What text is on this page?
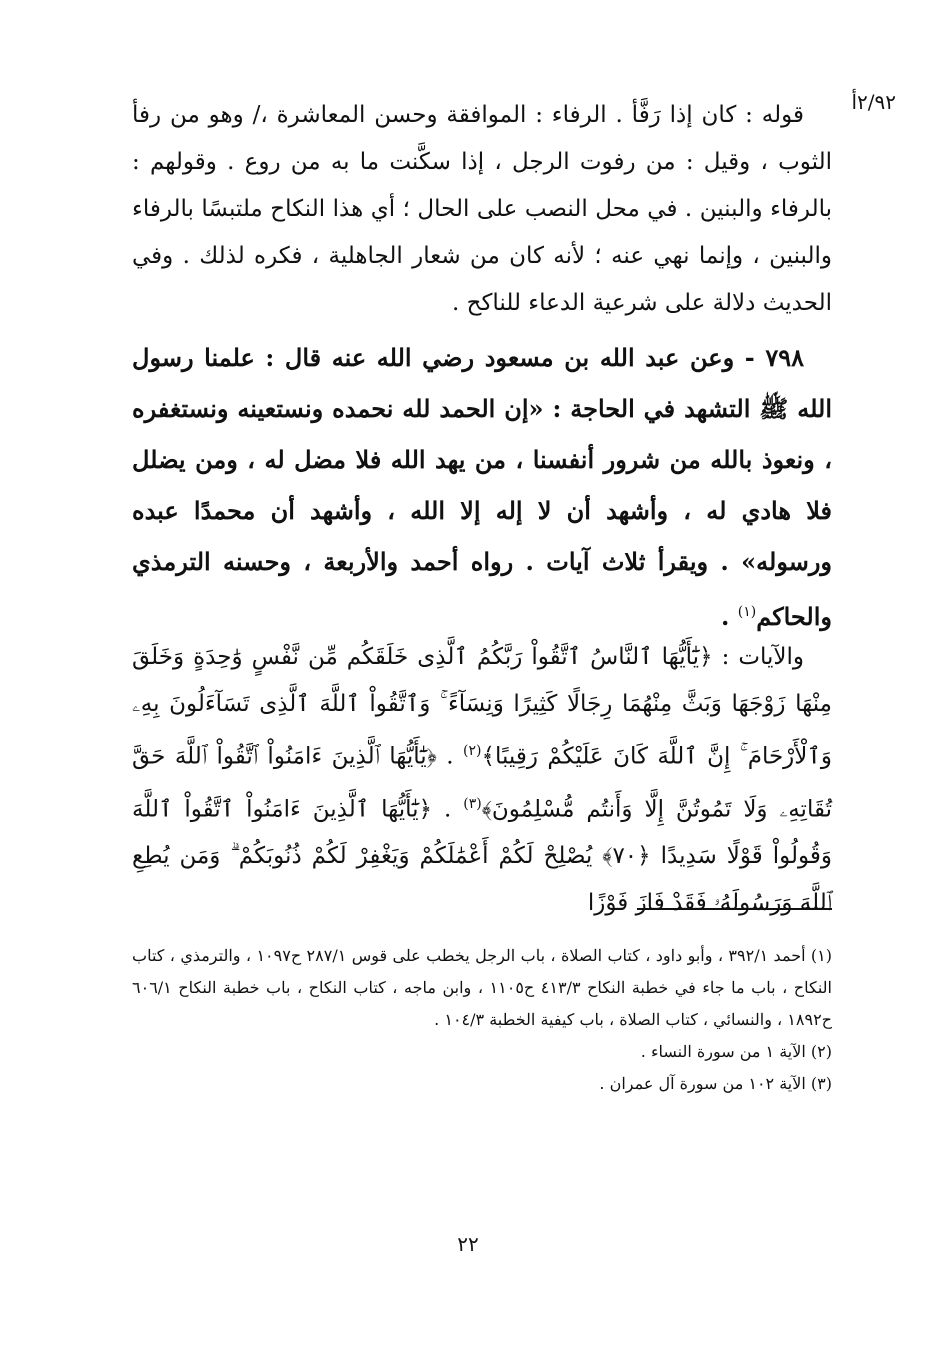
٢/٩٢أ

قوله : كان إذا رَفَّأ . الرفاء : الموافقة وحسن المعاشرة ،/ وهو من رفأ الثوب ، وقيل : من رفوت الرجل ، إذا سكَّنت ما به من روع . وقولهم : بالرفاء والبنين . في محل النصب على الحال ؛ أي هذا النكاح ملتبسًا بالرفاء والبنين ، وإنما نهي عنه ؛ لأنه كان من شعار الجاهلية ، فكره لذلك . وفي الحديث دلالة على شرعية الدعاء للناكح .

٧٩٨ - وعن عبد الله بن مسعود رضي الله عنه قال : علمنا رسول الله ﷺ التشهد في الحاجة : «إن الحمد لله نحمده ونستعينه ونستغفره ، ونعوذ بالله من شرور أنفسنا ، من يهد الله فلا مضل له ، ومن يضلل فلا هادي له ، وأشهد أن لا إله إلا الله ، وأشهد أن محمدًا عبده ورسوله» . ويقرأ ثلاث آيات . رواه أحمد والأربعة ، وحسنه الترمذي والحاكم$^{(١)}$ .

والآيات : ﴿يَٰٓأَيُّهَا ٱلنَّاسُ ٱتَّقُواْ رَبَّكُمُ ٱلَّذِى خَلَقَكُم مِّن نَّفْسٍ وَٰحِدَةٍ وَخَلَقَ مِنْهَا زَوْجَهَا وَبَثَّ مِنْهُمَا رِجَالًا كَثِيرًا وَنِسَآءً ۚ وَٱتَّقُواْ ٱللَّهَ ٱلَّذِى تَسَآءَلُونَ بِهِۦ وَٱلْأَرْحَامَ ۚ إِنَّ ٱللَّهَ كَانَ عَلَيْكُمْ رَقِيبًا﴾$^{(٢)}$ . ﴿يَٰٓأَيُّهَا ٱلَّذِينَ ءَامَنُواْ ٱتَّقُواْ ٱللَّهَ حَقَّ تُقَاتِهِۦ وَلَا تَمُوتُنَّ إِلَّا وَأَنتُم مُّسْلِمُونَ﴾$^{(٣)}$ . ﴿يَٰٓأَيُّهَا ٱلَّذِينَ ءَامَنُواْ ٱتَّقُواْ ٱللَّهَ وَقُولُواْ قَوْلًا سَدِيدًا ﴿٧٠﴾ يُصْلِحْ لَكُمْ أَعْمَٰلَكُمْ وَيَغْفِرْ لَكُمْ ذُنُوبَكُمْ ۗ وَمَن يُطِعِ ٱللَّهَ وَرَسُولَهُۥ فَقَدْ فَازَ فَوْزًا

(١) أحمد ٣٩٢/١ ، وأبو داود ، كتاب الصلاة ، باب الرجل يخطب على قوس ٢٨٧/١ ح١٠٩٧ ، والترمذي ، كتاب النكاح ، باب ما جاء في خطبة النكاح ٤١٣/٣ ح١١٠٥ ، وابن ماجه ، كتاب النكاح ، باب خطبة النكاح ٦٠٦/١ ح١٨٩٢ ، والنسائي ، كتاب الصلاة ، باب كيفية الخطبة ١٠٤/٣ .

(٢) الآية ١ من سورة النساء .

(٣) الآية ١٠٢ من سورة آل عمران .

٢٢
